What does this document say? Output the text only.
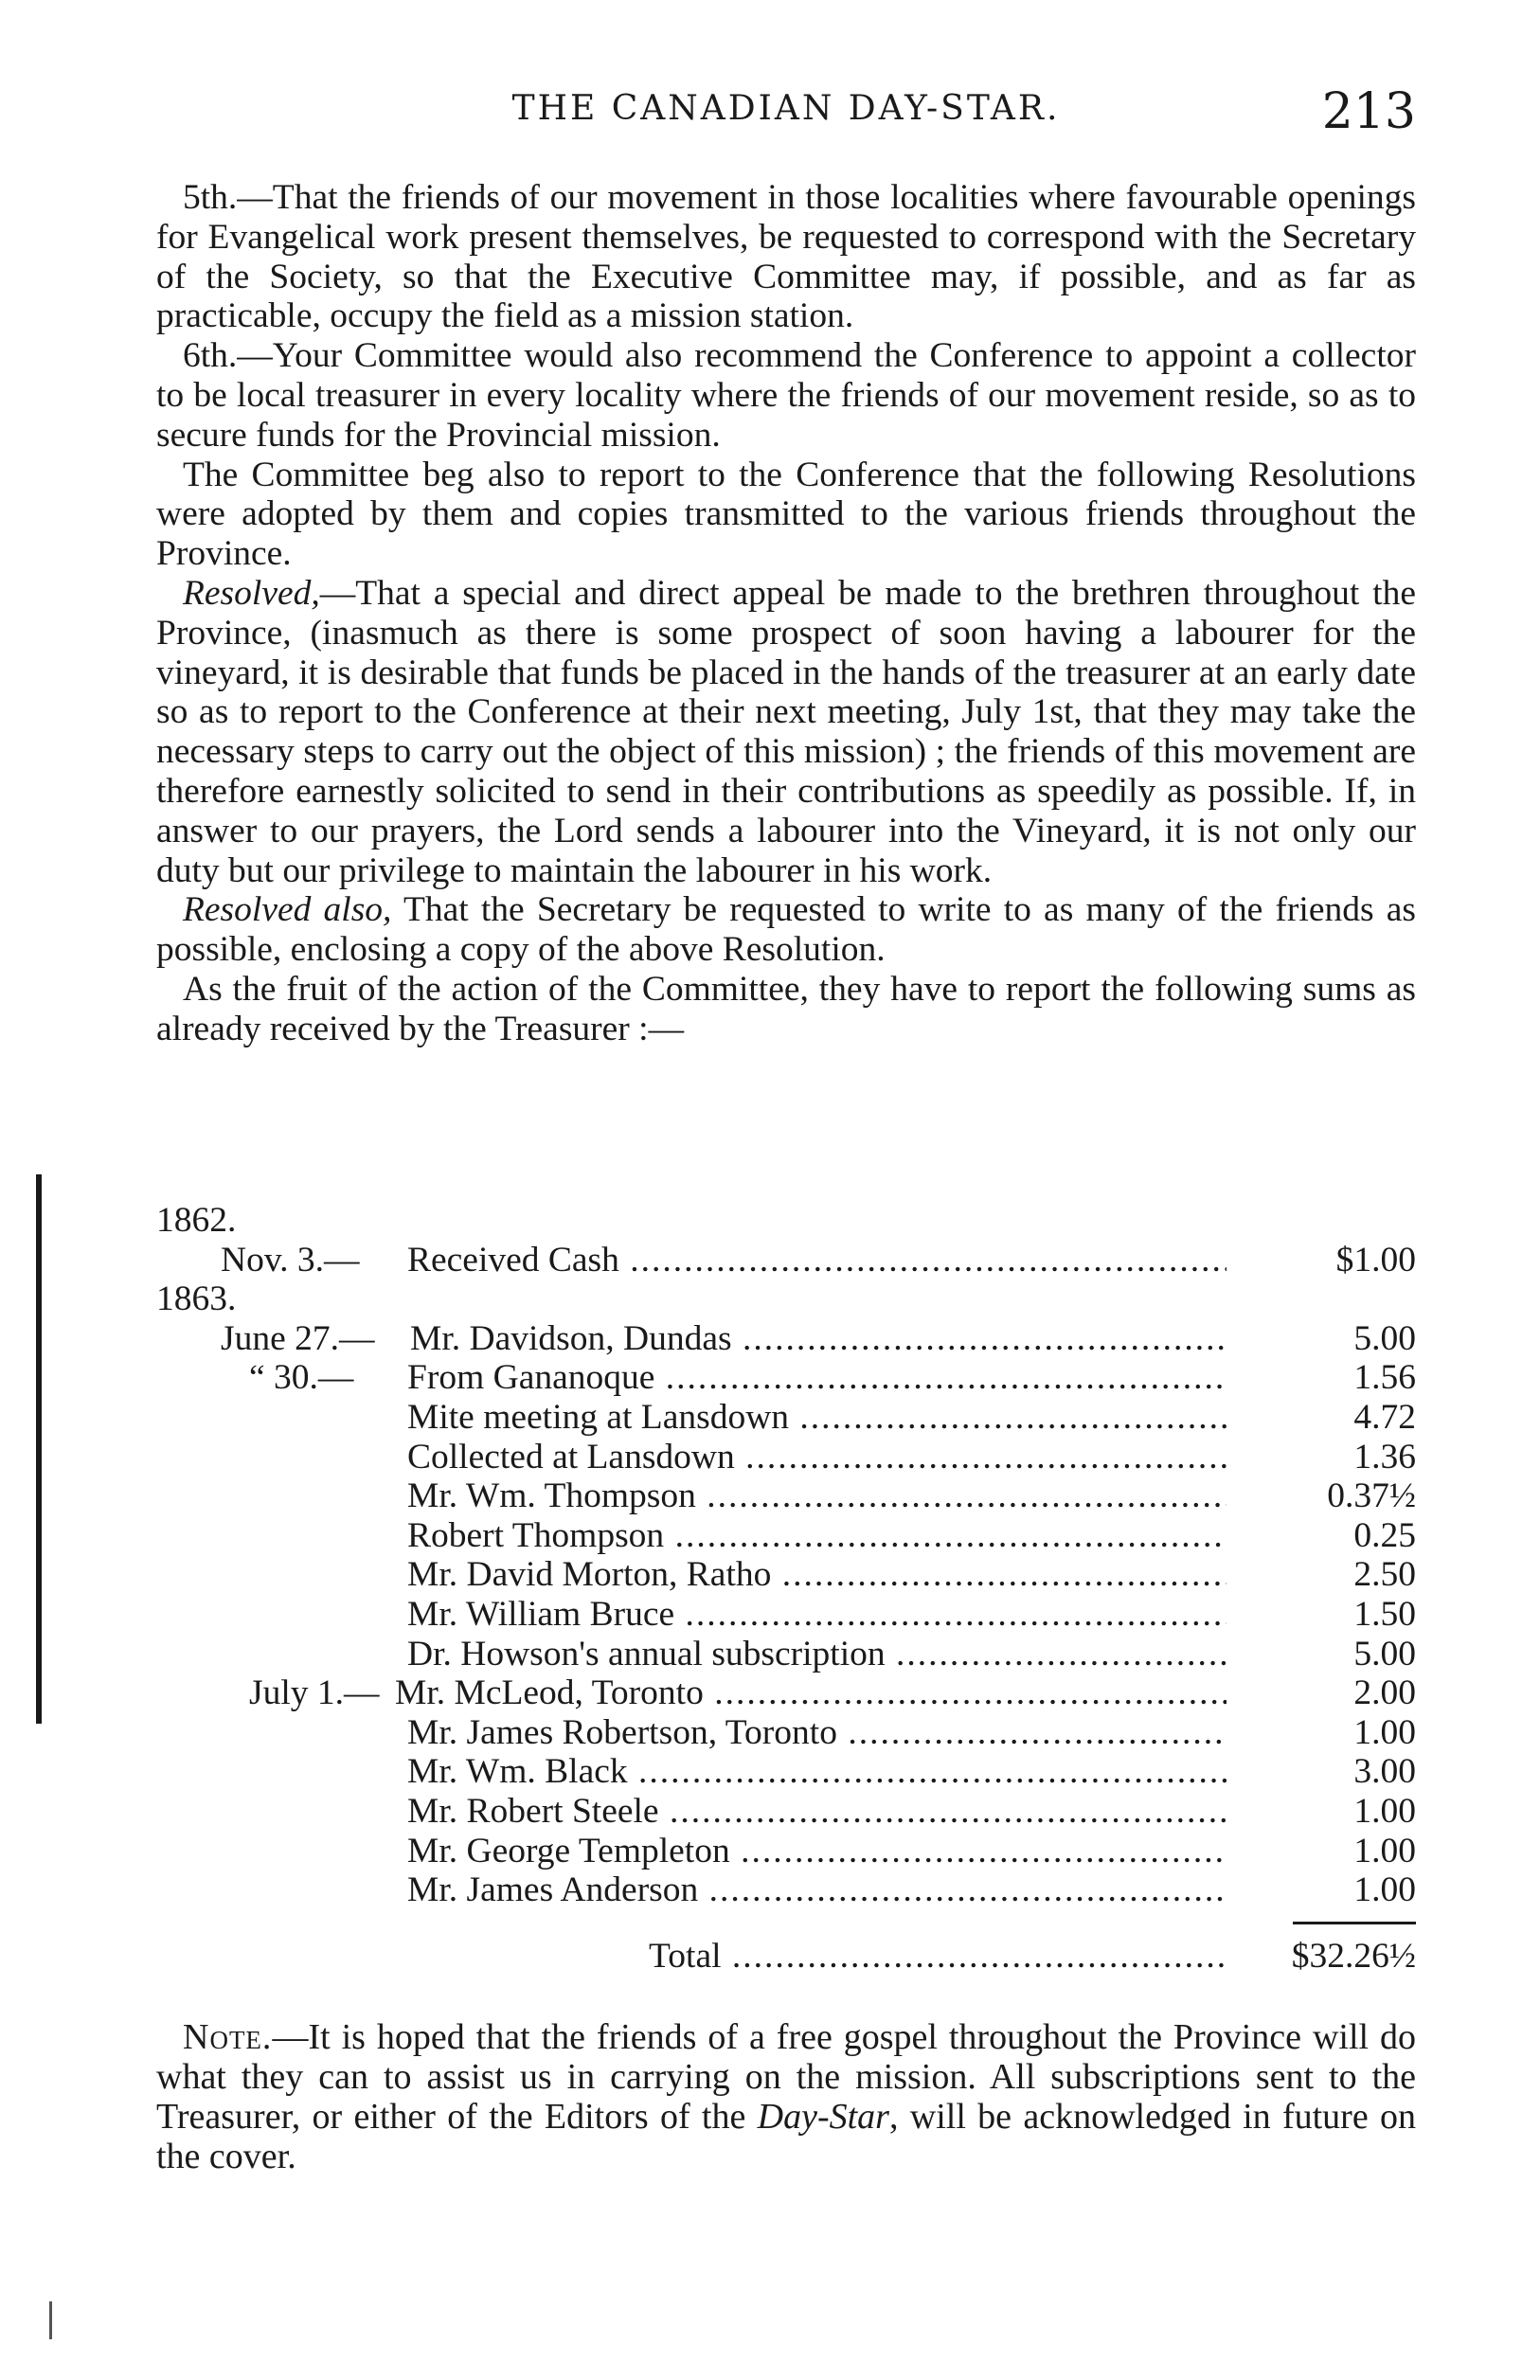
THE CANADIAN DAY-STAR.	213

5th.—That the friends of our movement in those localities where favourable openings for Evangelical work present themselves, be requested to correspond with the Secretary of the Society, so that the Executive Committee may, if possible, and as far as practicable, occupy the field as a mission station.

6th.—Your Committee would also recommend the Conference to appoint a collector to be local treasurer in every locality where the friends of our movement reside, so as to secure funds for the Provincial mission.

The Committee beg also to report to the Conference that the following Resolutions were adopted by them and copies transmitted to the various friends throughout the Province.

Resolved,—That a special and direct appeal be made to the brethren throughout the Province, (inasmuch as there is some prospect of soon having a labourer for the vineyard, it is desirable that funds be placed in the hands of the treasurer at an early date so as to report to the Conference at their next meeting, July 1st, that they may take the necessary steps to carry out the object of this mission) ; the friends of this movement are therefore earnestly solicited to send in their contributions as speedily as possible. If, in answer to our prayers, the Lord sends a labourer into the Vineyard, it is not only our duty but our privilege to maintain the labourer in his work.

Resolved also, That the Secretary be requested to write to as many of the friends as possible, enclosing a copy of the above Resolution.

As the fruit of the action of the Committee, they have to report the following sums as already received by the Treasurer :—

1862.
Nov. 3.— Received Cash .....	$1.00
1863.
June 27.— Mr. Davidson, Dundas .....	5.00
“ 30.— From Gananoque .....	1.56
Mite meeting at Lansdown .....	4.72
Collected at Lansdown .....	1.36
Mr. Wm. Thompson .....	0.37½
Robert Thompson .....	0.25
Mr. David Morton, Ratho .....	2.50
Mr. William Bruce .....	1.50
Dr. Howson's annual subscription .....	5.00
July 1.— Mr. McLeod, Toronto .....	2.00
Mr. James Robertson, Toronto .....	1.00
Mr. Wm. Black .....	3.00
Mr. Robert Steele .....	1.00
Mr. George Templeton .....	1.00
Mr. James Anderson .....	1.00
Total .....	$32.26½

Note.—It is hoped that the friends of a free gospel throughout the Province will do what they can to assist us in carrying on the mission. All subscriptions sent to the Treasurer, or either of the Editors of the Day-Star, will be acknowledged in future on the cover.
